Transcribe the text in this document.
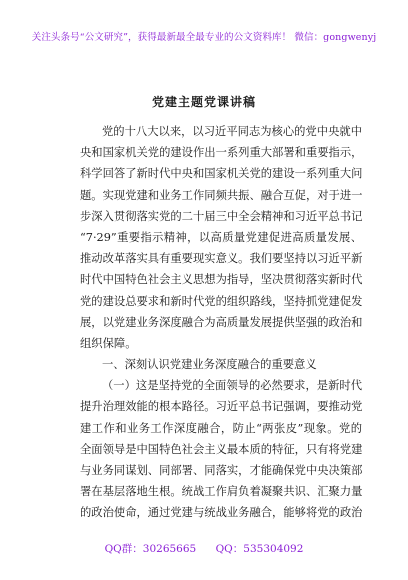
关注头条号“公文研究”，获得最新最全最专业的公文资料库！ 微信：gongwenyj
党建主题党课讲稿
党的十八大以来，以习近平同志为核心的党中央就中
央和国家机关党的建设作出一系列重大部署和重要指示，
科学回答了新时代中央和国家机关党的建设一系列重大问
题。实现党建和业务工作同频共振、融合互促，对于进一
步深入贯彻落实党的二十届三中全会精神和习近平总书记
“7·29”重要指示精神，以高质量党建促进高质量发展、
推动改革落实具有重要现实意义。我们要坚持以习近平新
时代中国特色社会主义思想为指导，坚决贯彻落实新时代
党的建设总要求和新时代党的组织路线，坚持抓党建促发
展，以党建业务深度融合为高质量发展提供坚强的政治和
组织保障。
一、深刻认识党建业务深度融合的重要意义
（一）这是坚持党的全面领导的必然要求，是新时代
提升治理效能的根本路径。习近平总书记强调，要推动党
建工作和业务工作深度融合，防止“两张皮”现象。党的
全面领导是中国特色社会主义最本质的特征，只有将党建
与业务同谋划、同部署、同落实，才能确保党中央决策部
署在基层落地生根。统战工作肩负着凝聚共识、汇聚力量
的政治使命，通过党建与统战业务融合，能够将党的政治
QQ群：30265665 QQ：535304092
